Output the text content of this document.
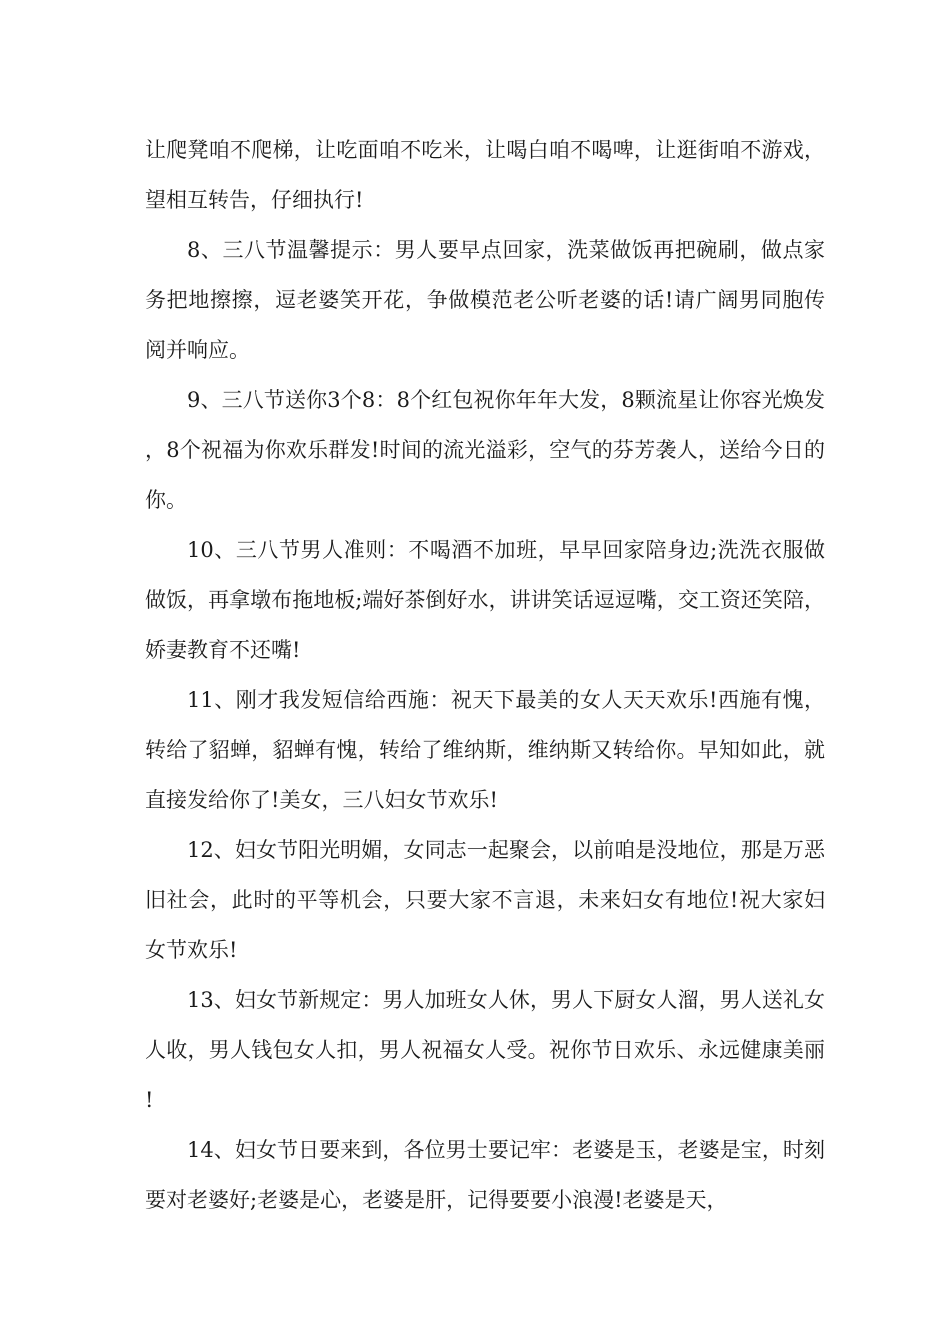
让爬凳咱不爬梯，让吃面咱不吃米，让喝白咱不喝啤，让逛街咱不游戏，望相互转告，仔细执行!

8、三八节温馨提示：男人要早点回家，洗菜做饭再把碗刷，做点家务把地擦擦，逗老婆笑开花，争做模范老公听老婆的话!请广阔男同胞传阅并响应。

9、三八节送你3个8：8个红包祝你年年大发，8颗流星让你容光焕发，8个祝福为你欢乐群发!时间的流光溢彩，空气的芬芳袭人，送给今日的你。

10、三八节男人准则：不喝酒不加班，早早回家陪身边;洗洗衣服做做饭，再拿墩布拖地板;端好茶倒好水，讲讲笑话逗逗嘴，交工资还笑陪，娇妻教育不还嘴!

11、刚才我发短信给西施：祝天下最美的女人天天欢乐!西施有愧，转给了貂蝉，貂蝉有愧，转给了维纳斯，维纳斯又转给你。早知如此，就直接发给你了!美女，三八妇女节欢乐!

12、妇女节阳光明媚，女同志一起聚会，以前咱是没地位，那是万恶旧社会，此时的平等机会，只要大家不言退，未来妇女有地位!祝大家妇女节欢乐!

13、妇女节新规定：男人加班女人休，男人下厨女人溜，男人送礼女人收，男人钱包女人扣，男人祝福女人受。祝你节日欢乐、永远健康美丽!

14、妇女节日要来到，各位男士要记牢：老婆是玉，老婆是宝，时刻要对老婆好;老婆是心，老婆是肝，记得要要小浪漫!老婆是天，
